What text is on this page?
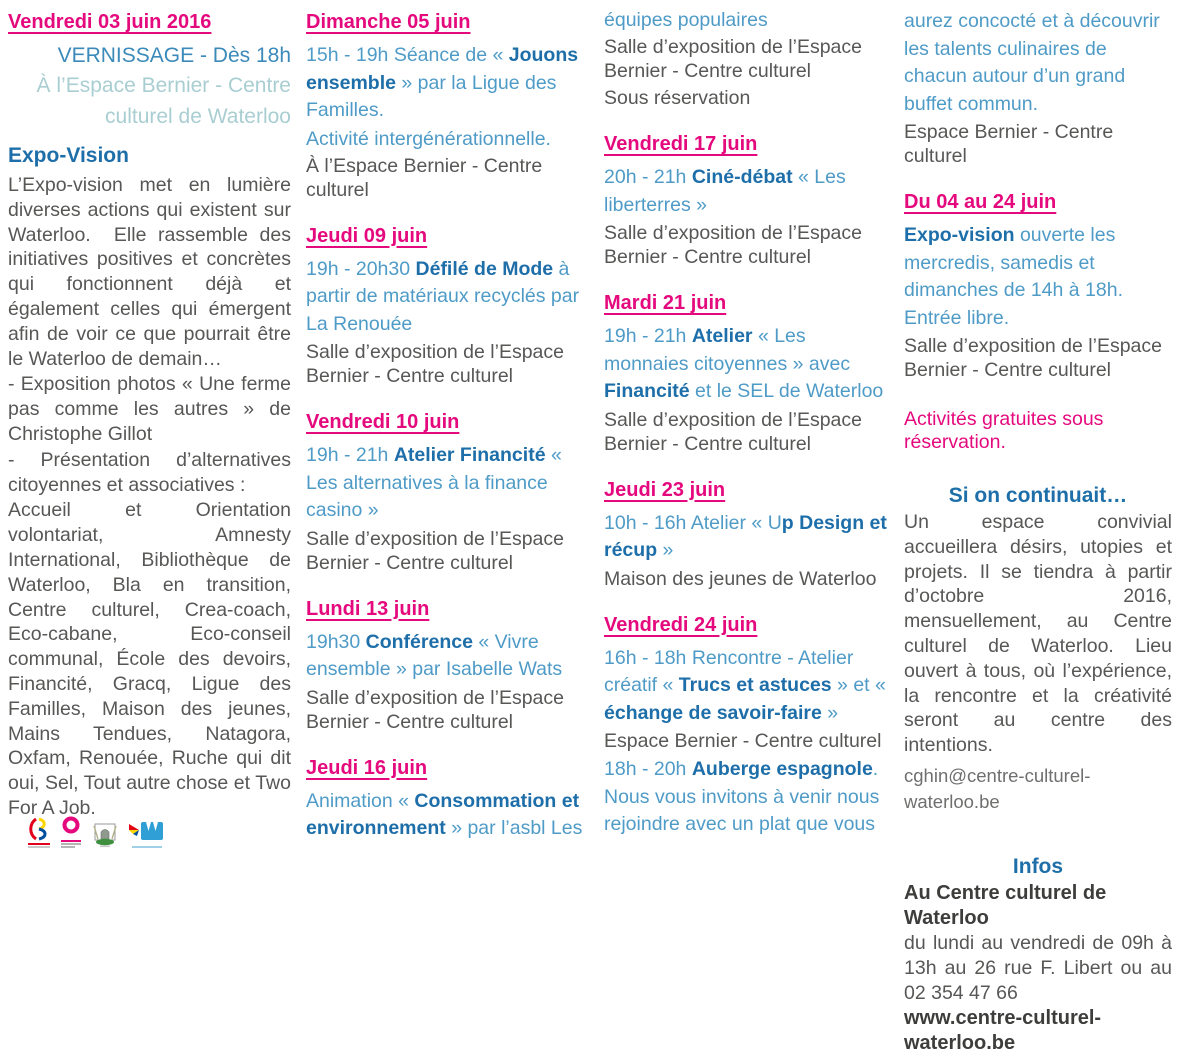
Vendredi 03 juin 2016
VERNISSAGE - Dès 18h
À l’Espace Bernier - Centre culturel de Waterloo
Expo-Vision

L’Expo-vision met en lumière diverses actions qui existent sur Waterloo.  Elle rassemble des initiatives positives et concrètes qui fonctionnent déjà et également celles qui émergent afin de voir ce que pourrait être le Waterloo de demain…

- Exposition photos « Une ferme pas comme les autres » de Christophe Gillot

- Présentation d’alternatives citoyennes et associatives :

Accueil et Orientation volontariat, Amnesty International, Bibliothèque de Waterloo, Bla en transition, Centre culturel, Crea-coach, Eco-cabane, Eco-conseil communal, École des devoirs, Financité, Gracq, Ligue des Familles, Maison des jeunes, Mains Tendues, Natagora, Oxfam, Renouée, Ruche qui dit oui, Sel, Tout autre chose et Two For A Job.

Dimanche 05 juin

15h - 19h Séance de « Jouons ensemble » par la Ligue des Familles.

Activité intergénérationnelle.

À l’Espace Bernier - Centre culturel

Jeudi 09 juin

19h - 20h30 Défilé de Mode à partir de matériaux recyclés par La Renouée

Salle d’exposition de l’Espace Bernier - Centre culturel

Vendredi 10 juin

19h - 21h Atelier Financité « Les alternatives à la finance casino »

Salle d’exposition de l’Espace Bernier - Centre culturel

Lundi 13 juin

19h30 Conférence « Vivre ensemble » par Isabelle Wats

Salle d’exposition de l’Espace Bernier - Centre culturel

Jeudi 16 juin

Animation « Consommation et environnement » par l’asbl Les

équipes populaires

Salle d’exposition de l’Espace Bernier - Centre culturel

Sous réservation

Vendredi 17 juin

20h - 21h Ciné-débat « Les liberterres »

Salle d’exposition de l’Espace Bernier - Centre culturel

Mardi 21 juin

19h - 21h Atelier « Les monnaies citoyennes » avec Financité et le SEL de Waterloo

Salle d’exposition de l’Espace Bernier - Centre culturel

Jeudi 23 juin

10h - 16h Atelier « Up Design et récup »

Maison des jeunes de Waterloo

Vendredi 24 juin

16h - 18h Rencontre - Atelier créatif « Trucs et astuces » et « échange de savoir-faire »

Espace Bernier - Centre culturel

18h - 20h Auberge espagnole. Nous vous invitons à venir nous rejoindre avec un plat que vous

aurez concocté et à découvrir les talents culinaires de chacun autour d’un grand buffet commun.

Espace Bernier - Centre culturel

Du 04 au 24 juin

Expo-vision ouverte les mercredis, samedis et dimanches de 14h à 18h.  Entrée libre.

Salle d’exposition de l’Espace Bernier - Centre culturel

Activités gratuites sous réservation.
Si on continuait…

Un espace convivial accueillera désirs, utopies et projets. Il se tiendra à partir d’octobre 2016, mensuellement, au Centre culturel de Waterloo. Lieu ouvert à tous, où l’expérience, la rencontre et la créativité seront au centre des intentions.

cghin@centre-culturel-waterloo.be
Infos
Au Centre culturel de Waterloo

du lundi au vendredi de 09h à 13h au 26 rue F. Libert ou au 02 354 47 66

www.centre-culturel-waterloo.be
